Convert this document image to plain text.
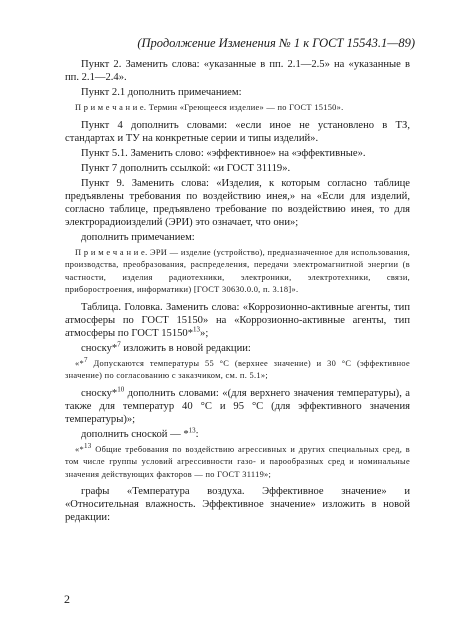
(Продолжение Изменения № 1 к ГОСТ 15543.1—89)

Пункт 2. Заменить слова: «указанные в пп. 2.1—2.5» на «указанные в пп. 2.1—2.4».

Пункт 2.1 дополнить примечанием:

П р и м е ч а н и е. Термин «Греющееся изделие» — по ГОСТ 15150».

Пункт 4 дополнить словами: «если иное не установлено в ТЗ, стандартах и ТУ на конкретные серии и типы изделий».

Пункт 5.1. Заменить слово: «эффективное» на «эффективные».

Пункт 7 дополнить ссылкой: «и ГОСТ 31119».

Пункт 9. Заменить слова: «Изделия, к которым согласно таблице предъявлены требования по воздействию инея,» на «Если для изделий, согласно таблице, предъявлено требование по воздействию инея, то для электрорадиоизделий (ЭРИ) это означает, что они»;

дополнить примечанием:

П р и м е ч а н и е. ЭРИ — изделие (устройство), предназначенное для использования, производства, преобразования, распределения, передачи электромагнитной энергии (в частности, изделия радиотехники, электроники, электротехники, связи, приборостроения, информатики) [ГОСТ 30630.0.0, п. 3.18]».

Таблица. Головка. Заменить слова: «Коррозионно-активные агенты, тип атмосферы по ГОСТ 15150» на «Коррозионно-активные агенты, тип атмосферы по ГОСТ 15150*$^{13}$»;

сноску*$^7$ изложить в новой редакции:

«*$^7$ Допускаются температуры 55 °С (верхнее значение) и 30 °С (эффективное значение) по согласованию с заказчиком, см. п. 5.1»;

сноску*$^{10}$ дополнить словами: «(для верхнего значения температуры), а также для температур 40 °С и 95 °С (для эффективного значения температуры)»;

дополнить сноской — *$^{13}$:

«*$^{13}$ Общие требования по воздействию агрессивных и других специальных сред, в том числе группы условий агрессивности газо- и парообразных сред и номинальные значения действующих факторов — по ГОСТ 31119»;

графы «Температура воздуха. Эффективное значение» и «Относительная влажность. Эффективное значение» изложить в новой редакции:

2
